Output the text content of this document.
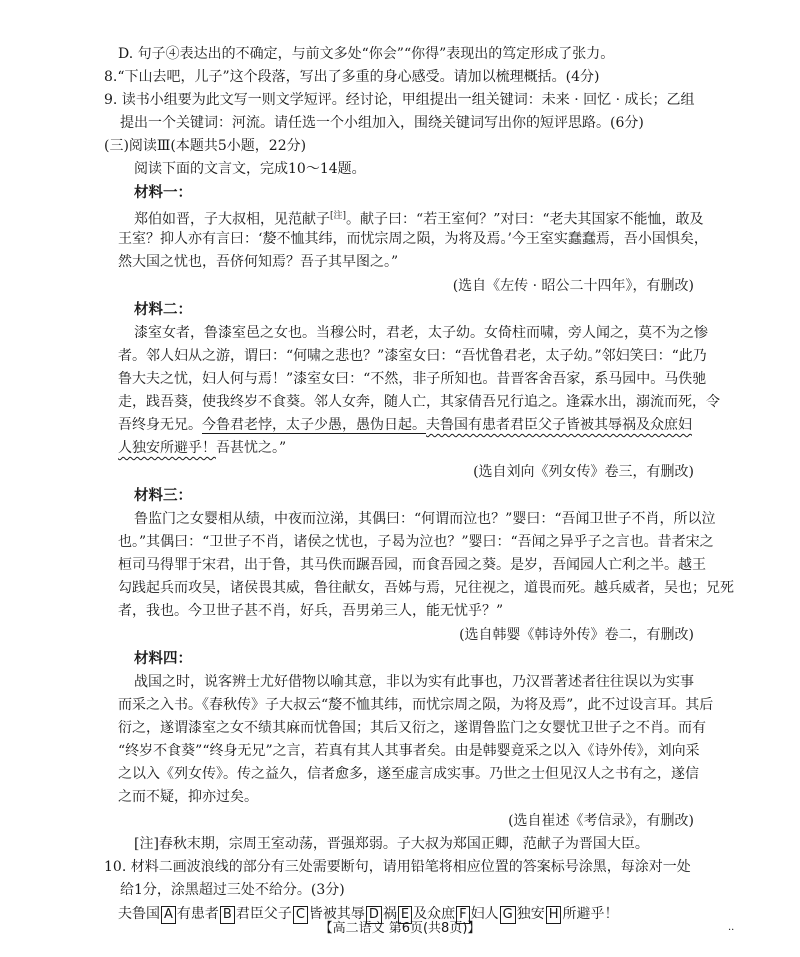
D. 句子④表达出的不确定，与前文多处“你会”“你得”表现出的笃定形成了张力。
8.“下山去吧，儿子”这个段落，写出了多重的身心感受。请加以梳理概括。(4分)
9. 读书小组要为此文写一则文学短评。经讨论，甲组提出一组关键词：未来 · 回忆 · 成长；乙组
提出一个关键词：河流。请任选一个小组加入，围绕关键词写出你的短评思路。(6分)
(三)阅读Ⅲ(本题共5小题，22分)
阅读下面的文言文，完成10～14题。
材料一：
郑伯如晋，子大叔相，见范献子[注]。献子曰：“若王室何？”对曰：“老夫其国家不能恤，敢及
王室？抑人亦有言曰：‘嫠不恤其纬，而忧宗周之陨，为将及焉。’今王室实蠢蠢焉，吾小国惧矣，
然大国之忧也，吾侪何知焉？吾子其早图之。”
(选自《左传 · 昭公二十四年》，有删改)
材料二：
漆室女者，鲁漆室邑之女也。当穆公时，君老，太子幼。女倚柱而啸，旁人闻之，莫不为之惨
者。邻人妇从之游，谓曰：“何啸之悲也？”漆室女曰：“吾忧鲁君老，太子幼。”邻妇笑曰：“此乃
鲁大夫之忧，妇人何与焉！”漆室女曰：“不然，非子所知也。昔晋客舍吾家，系马园中。马佚驰
走，践吾葵，使我终岁不食葵。邻人女奔，随人亡，其家倩吾兄行追之。逢霖水出，溺流而死，令
吾终身无兄。今鲁君老悖，太子少愚，愚伪日起。夫鲁国有患者君臣父子皆被其辱祸及众庶妇
人独安所避乎！吾甚忧之。”
(选自刘向《列女传》卷三，有删改)
材料三：
鲁监门之女婴相从绩，中夜而泣涕，其偶曰：“何谓而泣也？”婴曰：“吾闻卫世子不肖，所以泣
也。”其偶曰：“卫世子不肖，诸侯之忧也，子曷为泣也？”婴曰：“吾闻之异乎子之言也。昔者宋之
桓司马得罪于宋君，出于鲁，其马佚而蹍吾园，而食吾园之葵。是岁，吾闻园人亡利之半。越王
勾践起兵而攻吴，诸侯畏其威，鲁往献女，吾姊与焉，兄往视之，道畏而死。越兵威者，吴也；兄死
者，我也。今卫世子甚不肖，好兵，吾男弟三人，能无忧乎？”
(选自韩婴《韩诗外传》卷二，有删改)
材料四：
战国之时，说客辨士尤好借物以喻其意，非以为实有此事也，乃汉晋著述者往往误以为实事
而采之入书。《春秋传》子大叔云“嫠不恤其纬，而忧宗周之陨，为将及焉”，此不过设言耳。其后
衍之，遂谓漆室之女不绩其麻而忧鲁国；其后又衍之，遂谓鲁监门之女婴忧卫世子之不肖。而有
“终岁不食葵”“终身无兄”之言，若真有其人其事者矣。由是韩婴竟采之以入《诗外传》，刘向采
之以入《列女传》。传之益久，信者愈多，遂至虚言成实事。乃世之士但见汉人之书有之，遂信
之而不疑，抑亦过矣。
(选自崔述《考信录》，有删改)
[注]春秋末期，宗周王室动荡，晋强郑弱。子大叔为郑国正卿，范献子为晋国大臣。
10. 材料二画波浪线的部分有三处需要断句，请用铅笔将相应位置的答案标号涂黑，每涂对一处
给1分，涂黑超过三处不给分。(3分)
夫鲁国 A 有患者 B 君臣父子 C 皆被其辱 D 祸 E 及众庶 F 妇人 G 独安 H 所避乎！
【高二语文 第6页(共8页)】	··
